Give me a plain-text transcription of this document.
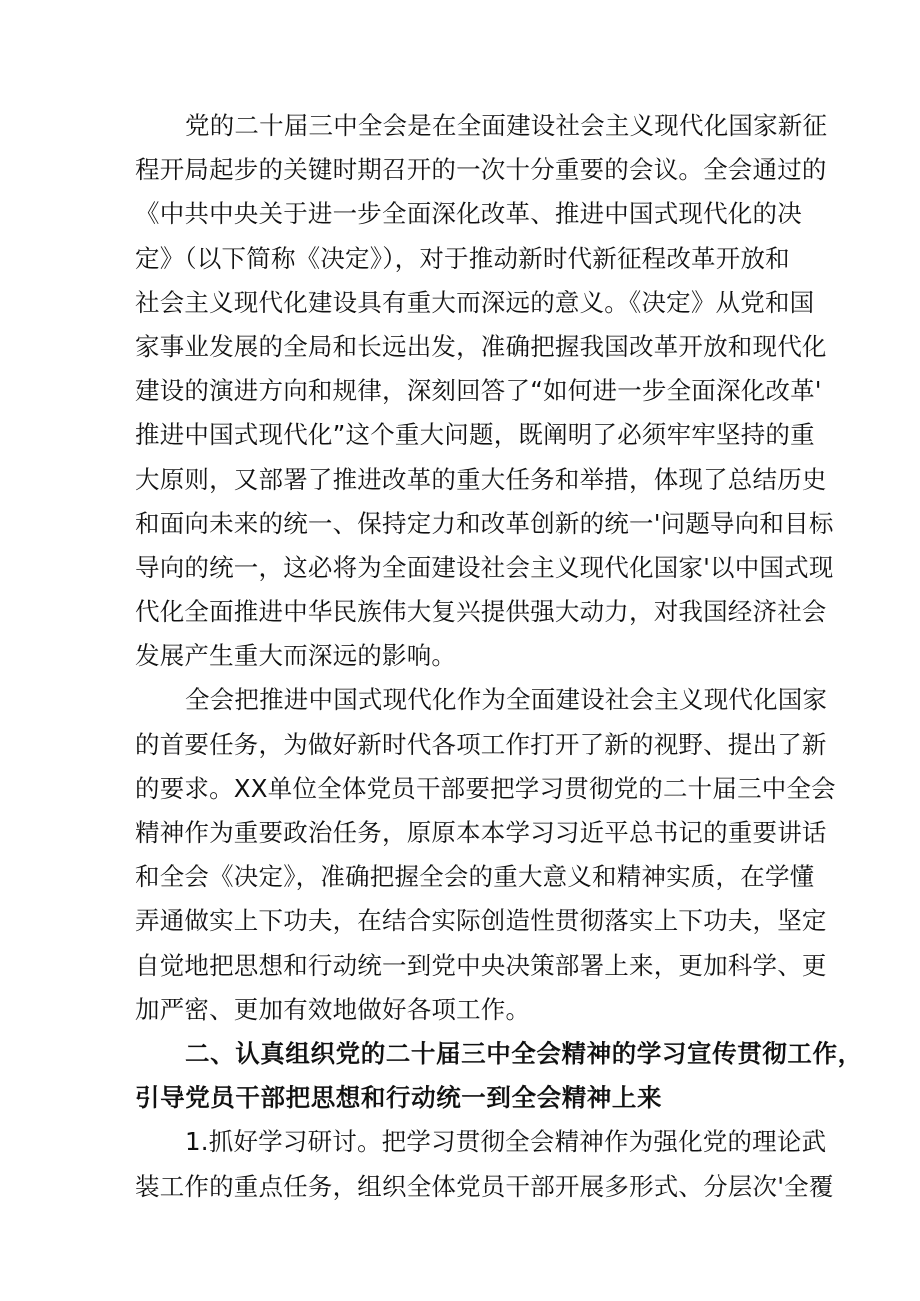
党的二十届三中全会是在全面建设社会主义现代化国家新征
程开局起步的关键时期召开的一次十分重要的会议。全会通过的
《中共中央关于进一步全面深化改革、推进中国式现代化的决
定》（以下简称《决定》），对于推动新时代新征程改革开放和
社会主义现代化建设具有重大而深远的意义。《决定》从党和国
家事业发展的全局和长远出发，准确把握我国改革开放和现代化
建设的演进方向和规律，深刻回答了“如何进一步全面深化改革'
推进中国式现代化”这个重大问题，既阐明了必须牢牢坚持的重
大原则，又部署了推进改革的重大任务和举措，体现了总结历史
和面向未来的统一、保持定力和改革创新的统一'问题导向和目标
导向的统一，这必将为全面建设社会主义现代化国家'以中国式现
代化全面推进中华民族伟大复兴提供强大动力，对我国经济社会
发展产生重大而深远的影响。
全会把推进中国式现代化作为全面建设社会主义现代化国家
的首要任务，为做好新时代各项工作打开了新的视野、提出了新
的要求。XX单位全体党员干部要把学习贯彻党的二十届三中全会
精神作为重要政治任务，原原本本学习习近平总书记的重要讲话
和全会《决定》，准确把握全会的重大意义和精神实质，在学懂
弄通做实上下功夫，在结合实际创造性贯彻落实上下功夫，坚定
自觉地把思想和行动统一到党中央决策部署上来，更加科学、更
加严密、更加有效地做好各项工作。
二、认真组织党的二十届三中全会精神的学习宣传贯彻工作，
引导党员干部把思想和行动统一到全会精神上来
1.抓好学习研讨。把学习贯彻全会精神作为强化党的理论武
装工作的重点任务，组织全体党员干部开展多形式、分层次'全覆
